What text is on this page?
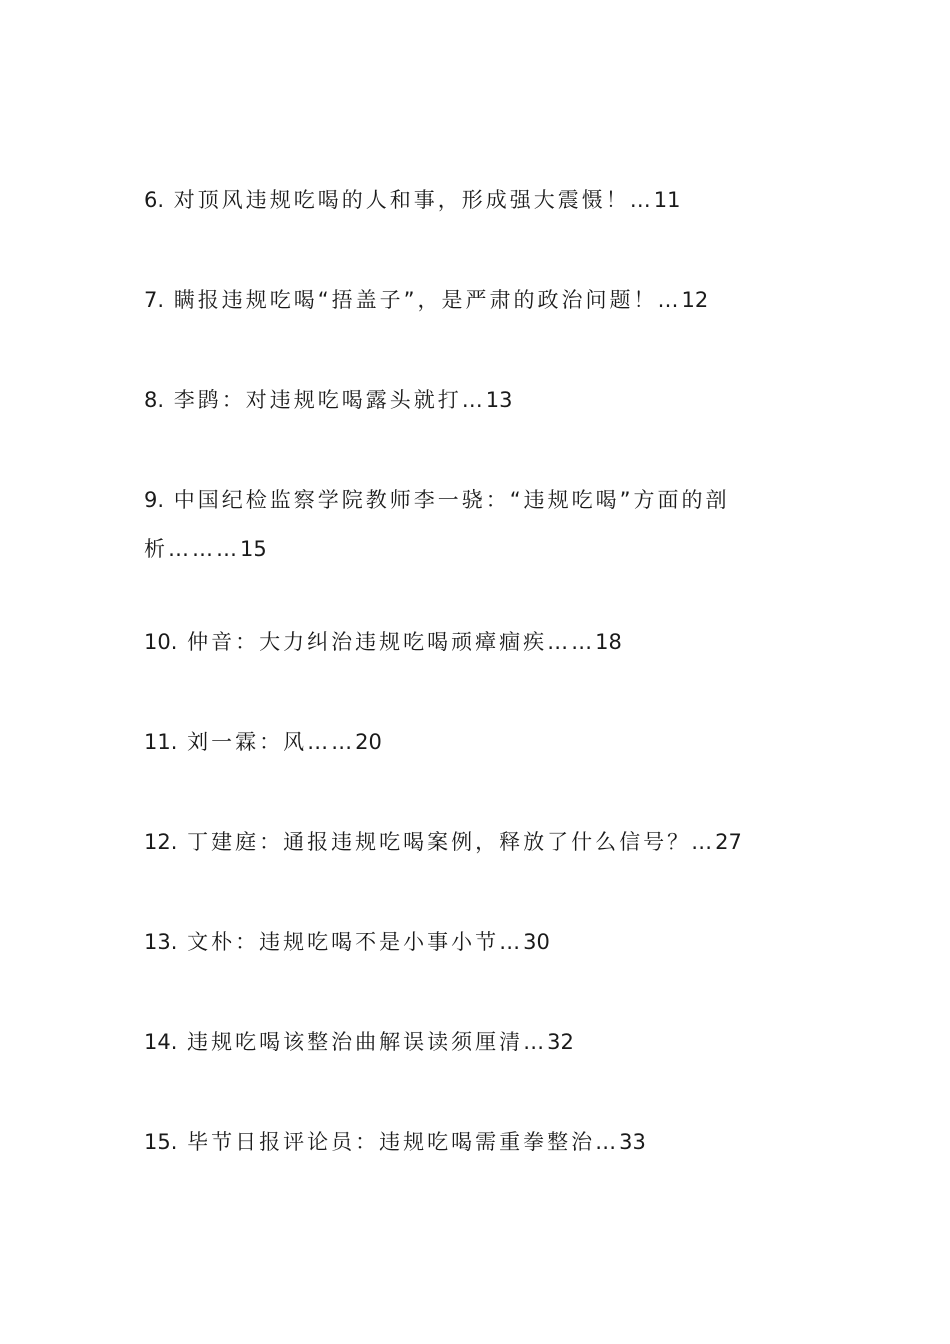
6. 对顶风违规吃喝的人和事，形成强大震慑！…11
7. 瞒报违规吃喝“捂盖子”，是严肃的政治问题！…12
8. 李鹍：对违规吃喝露头就打…13
9. 中国纪检监察学院教师李一骁：“违规吃喝”方面的剖析………15
10. 仲音：大力纠治违规吃喝顽瘴痼疾……18
11. 刘一霖：风……20
12. 丁建庭：通报违规吃喝案例，释放了什么信号？…27
13. 文朴：违规吃喝不是小事小节…30
14. 违规吃喝该整治曲解误读须厘清…32
15. 毕节日报评论员：违规吃喝需重拳整治…33
